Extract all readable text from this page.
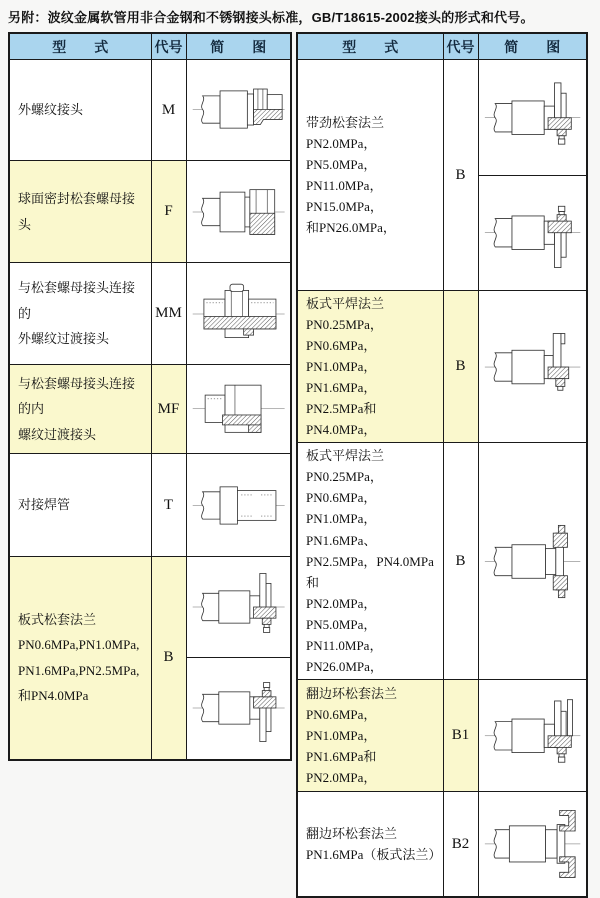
另附：波纹金属软管用非合金钢和不锈钢接头标准，GB/T18615-2002接头的形式和代号。
型　　式	代号	简　　图

外螺纹接头	M	

球面密封松套螺母接头	F	

与松套螺母接头连接的
外螺纹过渡接头	MM	

与松套螺母接头连接的内
螺纹过渡接头	MF	

对接焊管	T	

板式松套法兰
PN0.6MPa,PN1.0MPa,
PN1.6MPa,PN2.5MPa,
和PN4.0MPa	B	
型　　式	代号	简　　图

带劲松套法兰
PN2.0MPa，PN5.0MPa，
PN11.0MPa，PN15.0MPa，
和PN26.0MPa，	B	

板式平焊法兰
PN0.25MPa，PN0.6MPa，
PN1.0MPa，PN1.6MPa，
PN2.5MPa和PN4.0MPa，	B	

板式平焊法兰
PN0.25MPa，PN0.6MPa，
PN1.0MPa，PN1.6MPa、
PN2.5MPa，PN4.0MPa和
PN2.0MPa，PN5.0MPa，
PN11.0MPa，PN26.0MPa，
	B	

翻边环松套法兰
PN0.6MPa，PN1.0MPa，
PN1.6MPa和PN2.0MPa，	B1	

翻边环松套法兰
PN1.6MPa（板式法兰）	B2	
